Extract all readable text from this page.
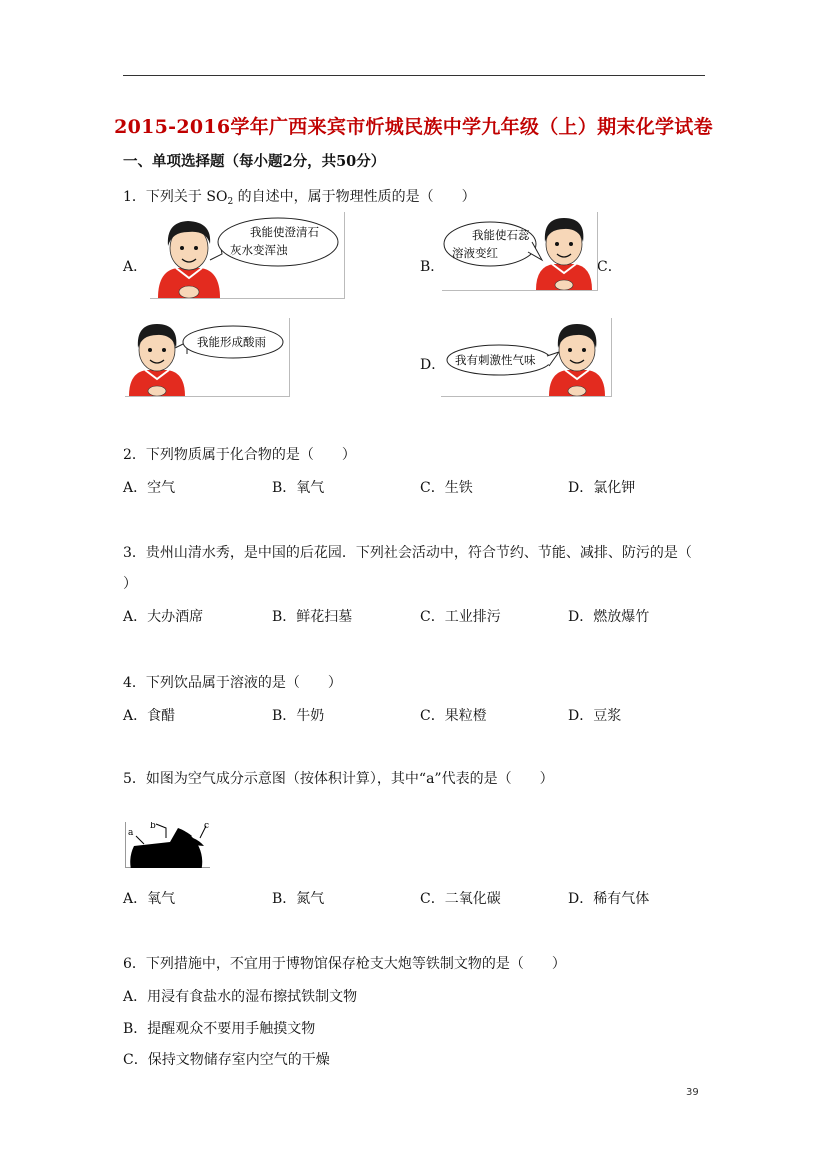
2015-2016学年广西来宾市忻城民族中学九年级（上）期末化学试卷
一、单项选择题（每小题2分，共50分）
1．下列关于 $SO_2$ 的自述中，属于物理性质的是（　　）
A．	B．	C．
D．
我能使澄清石
灰水变浑浊
我能使石蕊
溶液变红
我能形成酸雨
我有刺激性气味
2．下列物质属于化合物的是（　　）
A．空气	B．氧气	C．生铁	D．氯化钾
3．贵州山清水秀，是中国的后花园．下列社会活动中，符合节约、节能、减排、防污的是（
）
A．大办酒席	B．鲜花扫墓	C．工业排污	D．燃放爆竹
4．下列饮品属于溶液的是（　　）
A．食醋	B．牛奶	C．果粒橙	D．豆浆
5．如图为空气成分示意图（按体积计算），其中“a”代表的是（　　）
a
b	c
A．氧气	B．氮气	C．二氧化碳	D．稀有气体
6．下列措施中，不宜用于博物馆保存枪支大炮等铁制文物的是（　　）
A．用浸有食盐水的湿布擦拭铁制文物
B．提醒观众不要用手触摸文物
C．保持文物储存室内空气的干燥
39
